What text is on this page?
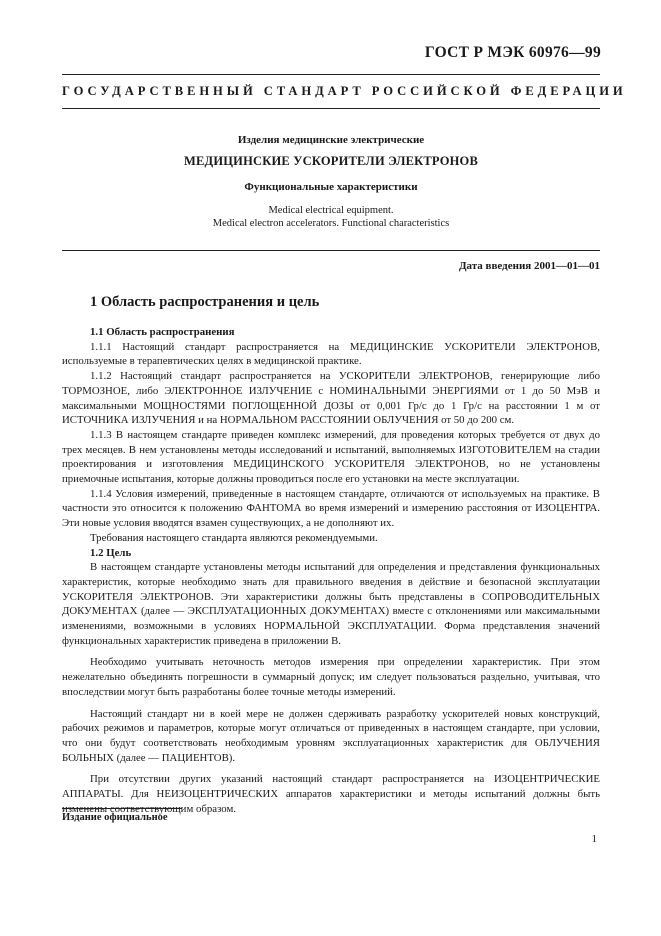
ГОСТ Р МЭК 60976—99
ГОСУДАРСТВЕННЫЙ СТАНДАРТ РОССИЙСКОЙ ФЕДЕРАЦИИ
Изделия медицинские электрические
МЕДИЦИНСКИЕ УСКОРИТЕЛИ ЭЛЕКТРОНОВ
Функциональные характеристики
Medical electrical equipment.
Medical electron accelerators. Functional characteristics
Дата введения 2001—01—01
1 Область распространения и цель

1.1 Область распространения

1.1.1 Настоящий стандарт распространяется на МЕДИЦИНСКИЕ УСКОРИТЕЛИ ЭЛЕКТРОНОВ, используемые в терапевтических целях в медицинской практике.

1.1.2 Настоящий стандарт распространяется на УСКОРИТЕЛИ ЭЛЕКТРОНОВ, генерирующие либо ТОРМОЗНОЕ, либо ЭЛЕКТРОННОЕ ИЗЛУЧЕНИЕ с НОМИНАЛЬНЫМИ ЭНЕРГИЯМИ от 1 до 50 МэВ и максимальными МОЩНОСТЯМИ ПОГЛОЩЕННОЙ ДОЗЫ от 0,001 Гр/с до 1 Гр/с на расстоянии 1 м от ИСТОЧНИКА ИЗЛУЧЕНИЯ и на НОРМАЛЬНОМ РАССТОЯНИИ ОБЛУЧЕНИЯ от 50 до 200 см.

1.1.3 В настоящем стандарте приведен комплекс измерений, для проведения которых требуется от двух до трех месяцев. В нем установлены методы исследований и испытаний, выполняемых ИЗГОТОВИТЕЛЕМ на стадии проектирования и изготовления МЕДИЦИНСКОГО УСКОРИТЕЛЯ ЭЛЕКТРОНОВ, но не установлены приемочные испытания, которые должны проводиться после его установки на месте эксплуатации.

1.1.4 Условия измерений, приведенные в настоящем стандарте, отличаются от используемых на практике. В частности это относится к положению ФАНТОМА во время измерений и измерению расстояния от ИЗОЦЕНТРА. Эти новые условия вводятся взамен существующих, а не дополняют их.

Требования настоящего стандарта являются рекомендуемыми.

1.2 Цель

В настоящем стандарте установлены методы испытаний для определения и представления функциональных характеристик, которые необходимо знать для правильного введения в действие и безопасной эксплуатации УСКОРИТЕЛЯ ЭЛЕКТРОНОВ. Эти характеристики должны быть представлены в СОПРОВОДИТЕЛЬНЫХ ДОКУМЕНТАХ (далее — ЭКСПЛУАТАЦИОННЫХ ДОКУМЕНТАХ) вместе с отклонениями или максимальными изменениями, возможными в условиях НОРМАЛЬНОЙ ЭКСПЛУАТАЦИИ. Форма представления значений функциональных характеристик приведена в приложении В.

Необходимо учитывать неточность методов измерения при определении характеристик. При этом нежелательно объединять погрешности в суммарный допуск; им следует пользоваться раздельно, учитывая, что впоследствии могут быть разработаны более точные методы измерений.

Настоящий стандарт ни в коей мере не должен сдерживать разработку ускорителей новых конструкций, рабочих режимов и параметров, которые могут отличаться от приведенных в настоящем стандарте, при условии, что они будут соответствовать необходимым уровням эксплуатационных характеристик для ОБЛУЧЕНИЯ БОЛЬНЫХ (далее — ПАЦИЕНТОВ).

При отсутствии других указаний настоящий стандарт распространяется на ИЗОЦЕНТРИЧЕСКИЕ АППАРАТЫ. Для НЕИЗОЦЕНТРИЧЕСКИХ аппаратов характеристики и методы испытаний должны быть изменены соответствующим образом.

Издание официальное
1
